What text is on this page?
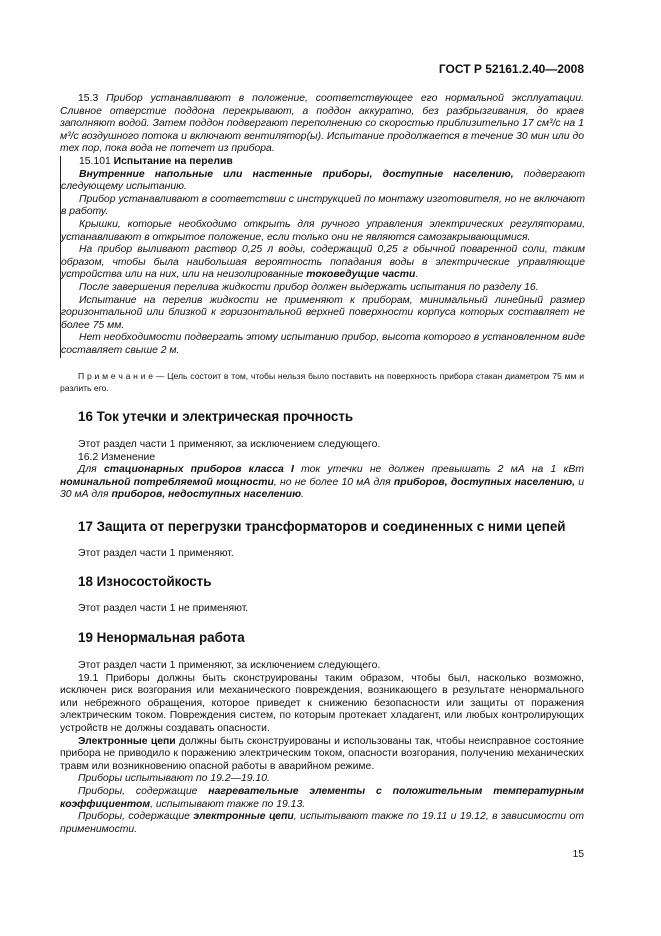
ГОСТ Р 52161.2.40—2008

15.3 Прибор устанавливают в положение, соответствующее его нормальной эксплуатации. Сливное отверстие поддона перекрывают, а поддон аккуратно, без разбрызгивания, до краев заполняют водой. Затем поддон подвергают переполнению со скоростью приблизительно 17 см³/с на 1 м³/с воздушного потока и включают вентилятор(ы). Испытание продолжается в течение 30 мин или до тех пор, пока вода не потечет из прибора.

15.101 Испытание на перелив

Внутренние напольные или настенные приборы, доступные населению, подвергают следующему испытанию.

Прибор устанавливают в соответствии с инструкцией по монтажу изготовителя, но не включают в работу.

Крышки, которые необходимо открыть для ручного управления электрических регуляторами, устанавливают в открытое положение, если только они не являются самозакрывающимися.

На прибор выливают раствор 0,25 л воды, содержащий 0,25 г обычной поваренной соли, таким образом, чтобы была наибольшая вероятность попадания воды в электрические управляющие устройства или на них, или на неизолированные токоведущие части.

После завершения перелива жидкости прибор должен выдержать испытания по разделу 16.

Испытание на перелив жидкости не применяют к приборам, минимальный линейный размер горизонтальной или близкой к горизонтальной верхней поверхности корпуса которых составляет не более 75 мм.

Нет необходимости подвергать этому испытанию прибор, высота которого в установленном виде составляет свыше 2 м.

П р и м е ч а н и е — Цель состоит в том, чтобы нельзя было поставить на поверхность прибора стакан диаметром 75 мм и разлить его.

16 Ток утечки и электрическая прочность

Этот раздел части 1 применяют, за исключением следующего.

16.2 Изменение

Для стационарных приборов класса I ток утечки не должен превышать 2 мА на 1 кВт номинальной потребляемой мощности, но не более 10 мА для приборов, доступных населению, и 30 мА для приборов, недоступных населению.

17 Защита от перегрузки трансформаторов и соединенных с ними цепей

Этот раздел части 1 применяют.

18 Износостойкость

Этот раздел части 1 не применяют.

19 Ненормальная работа

Этот раздел части 1 применяют, за исключением следующего.

19.1 Приборы должны быть сконструированы таким образом, чтобы был, насколько возможно, исключен риск возгорания или механического повреждения, возникающего в результате ненормального или небрежного обращения, которое приведет к снижению безопасности или защиты от поражения электрическим током. Повреждения систем, по которым протекает хладагент, или любых контролирующих устройств не должны создавать опасности.

Электронные цепи должны быть сконструированы и использованы так, чтобы неисправное состояние прибора не приводило к поражению электрическим током, опасности возгорания, получению механических травм или возникновению опасной работы в аварийном режиме.

Приборы испытывают по 19.2—19.10.

Приборы, содержащие нагревательные элементы с положительным температурным коэффициентом, испытывают также по 19.13.

Приборы, содержащие электронные цепи, испытывают также по 19.11 и 19.12, в зависимости от применимости.

15
